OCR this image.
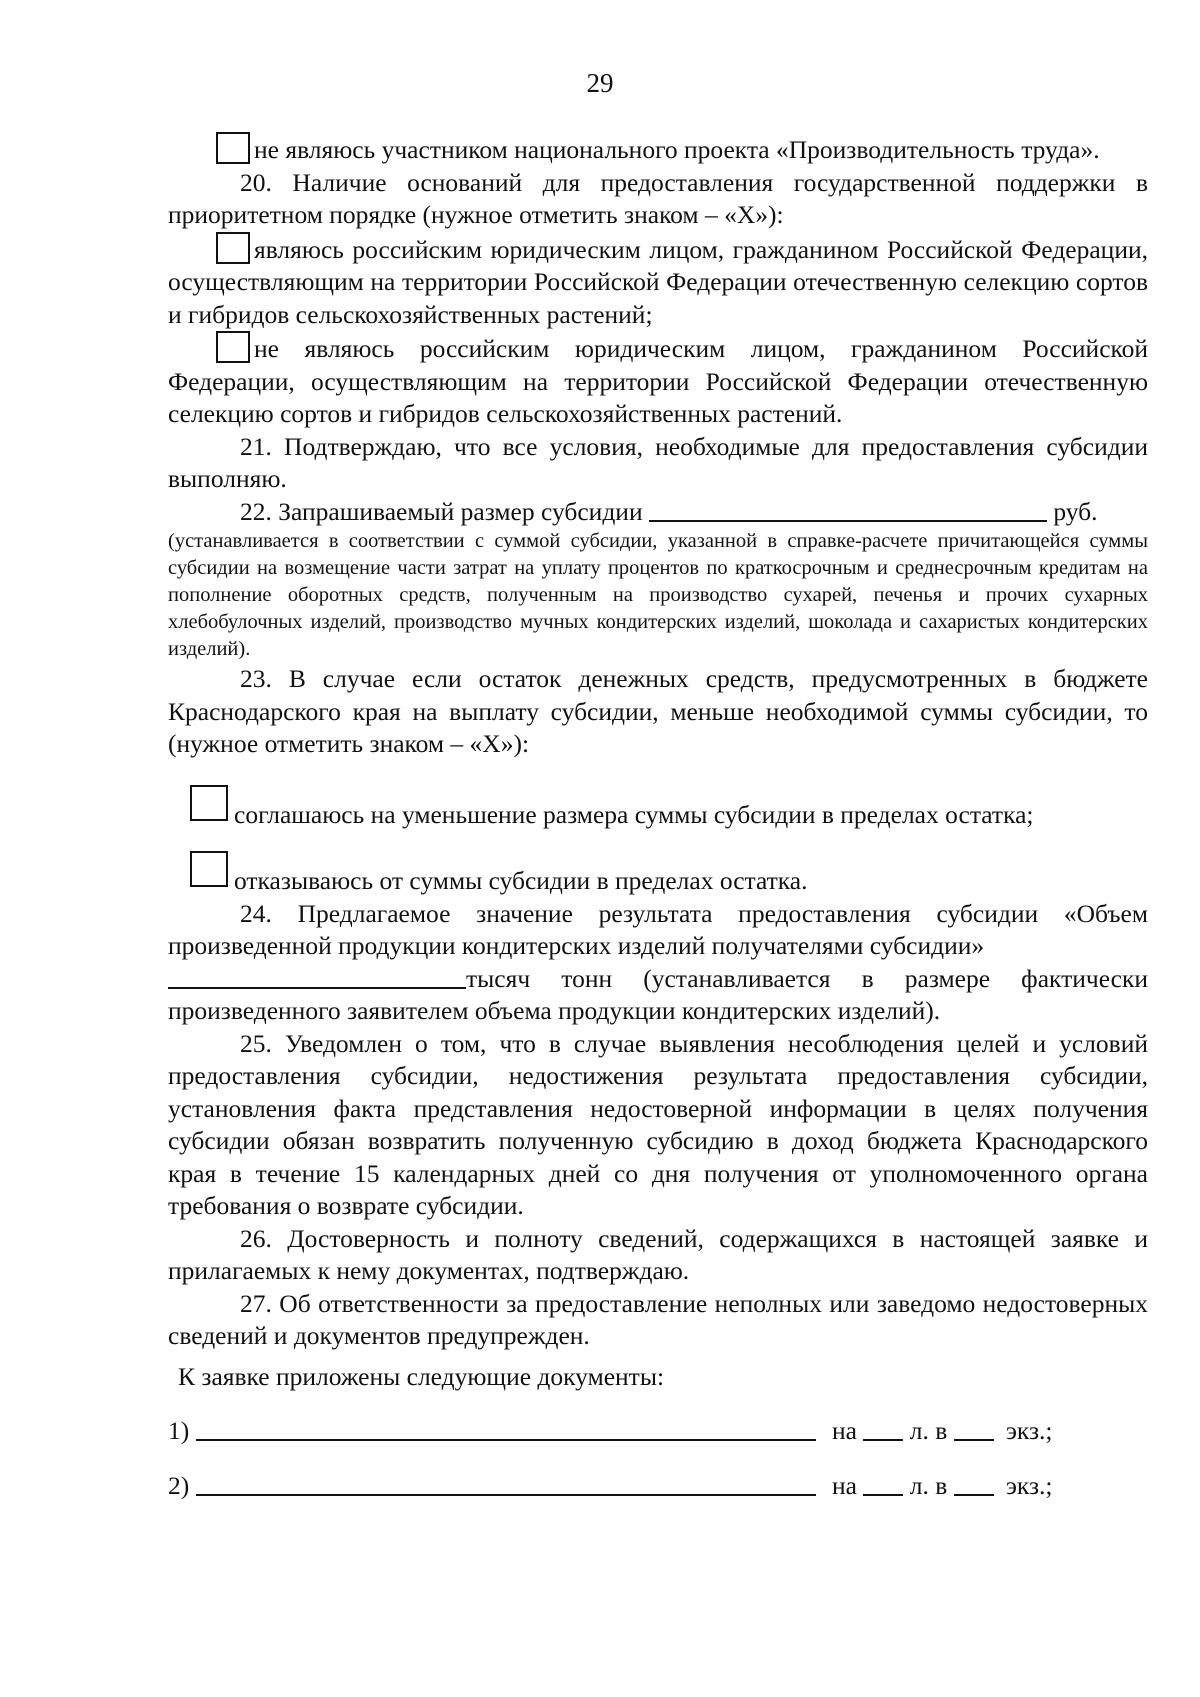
29

не являюсь участником национального проекта «Производительность труда».

20. Наличие оснований для предоставления государственной поддержки в приоритетном порядке (нужное отметить знаком – «Х»):

являюсь российским юридическим лицом, гражданином Российской Федерации, осуществляющим на территории Российской Федерации отечественную селекцию сортов и гибридов сельскохозяйственных растений;

не являюсь российским юридическим лицом, гражданином Российской Федерации, осуществляющим на территории Российской Федерации отечественную селекцию сортов и гибридов сельскохозяйственных растений.

21. Подтверждаю, что все условия, необходимые для предоставления субсидии выполняю.

22. Запрашиваемый размер субсидии	руб.

(устанавливается в соответствии с суммой субсидии, указанной в справке-расчете причитающейся суммы субсидии на возмещение части затрат на уплату процентов по краткосрочным и среднесрочным кредитам на пополнение оборотных средств, полученным на производство сухарей, печенья и прочих сухарных хлебобулочных изделий, производство мучных кондитерских изделий, шоколада и сахаристых кондитерских изделий).

23. В случае если остаток денежных средств, предусмотренных в бюджете Краснодарского края на выплату субсидии, меньше необходимой суммы субсидии, то (нужное отметить знаком – «Х»):

соглашаюсь на уменьшение размера суммы субсидии в пределах остатка;
отказываюсь от суммы субсидии в пределах остатка.

24. Предлагаемое значение результата предоставления субсидии «Объем произведенной продукции кондитерских изделий получателями субсидии»

тысяч тонн (устанавливается в размере фактически произведенного заявителем объема продукции кондитерских изделий).

25. Уведомлен о том, что в случае выявления несоблюдения целей и условий предоставления субсидии, недостижения результата предоставления субсидии, установления факта представления недостоверной информации в целях получения субсидии обязан возвратить полученную субсидию в доход бюджета Краснодарского края в течение 15 календарных дней со дня получения от уполномоченного органа требования о возврате субсидии.

26. Достоверность и полноту сведений, содержащихся в настоящей заявке и прилагаемых к нему документах, подтверждаю.

27. Об ответственности за предоставление неполных или заведомо недостоверных сведений и документов предупрежден.

К заявке приложены следующие документы:

1)	на л. в экз.;
2)	на л. в экз.;
